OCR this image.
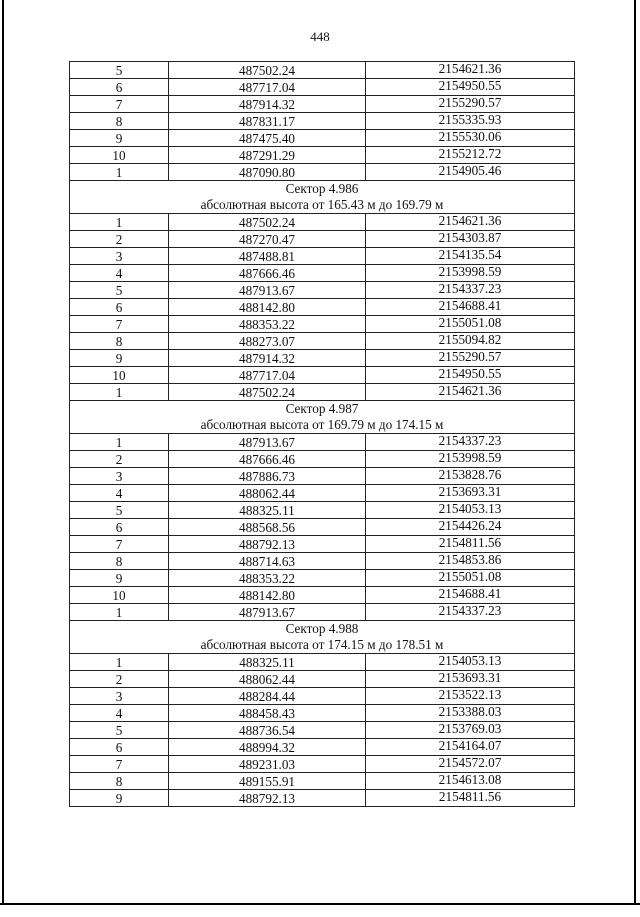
448
5	487502.24	2154621.36
6	487717.04	2154950.55
7	487914.32	2155290.57
8	487831.17	2155335.93
9	487475.40	2155530.06
10	487291.29	2155212.72
1	487090.80	2154905.46
Сектор 4.986		
абсолютная высота от 165.43 м до 169.79 м		
1	487502.24	2154621.36
2	487270.47	2154303.87
3	487488.81	2154135.54
4	487666.46	2153998.59
5	487913.67	2154337.23
6	488142.80	2154688.41
7	488353.22	2155051.08
8	488273.07	2155094.82
9	487914.32	2155290.57
10	487717.04	2154950.55
1	487502.24	2154621.36
Сектор 4.987		
абсолютная высота от 169.79 м до 174.15 м		
1	487913.67	2154337.23
2	487666.46	2153998.59
3	487886.73	2153828.76
4	488062.44	2153693.31
5	488325.11	2154053.13
6	488568.56	2154426.24
7	488792.13	2154811.56
8	488714.63	2154853.86
9	488353.22	2155051.08
10	488142.80	2154688.41
1	487913.67	2154337.23
Сектор 4.988		
абсолютная высота от 174.15 м до 178.51 м		
1	488325.11	2154053.13
2	488062.44	2153693.31
3	488284.44	2153522.13
4	488458.43	2153388.03
5	488736.54	2153769.03
6	488994.32	2154164.07
7	489231.03	2154572.07
8	489155.91	2154613.08
9	488792.13	2154811.56
